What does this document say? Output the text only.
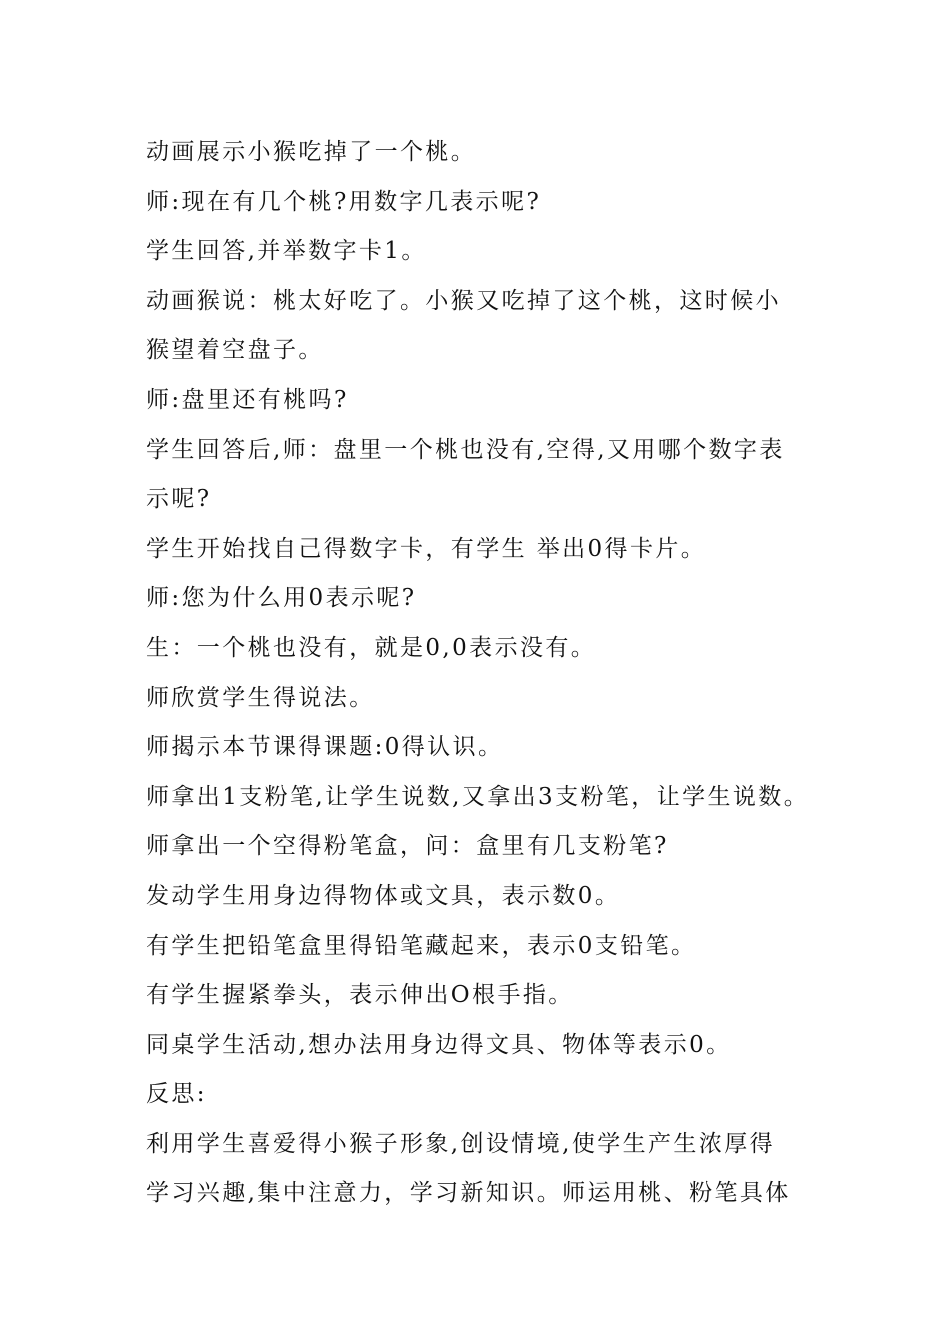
动画展示小猴吃掉了一个桃。
师:现在有几个桃?用数字几表示呢?
学生回答,并举数字卡1。
动画猴说：桃太好吃了。小猴又吃掉了这个桃，这时候小
猴望着空盘子。
师:盘里还有桃吗?
学生回答后,师：盘里一个桃也没有,空得,又用哪个数字表
示呢?
学生开始找自己得数字卡，有学生 举出0得卡片。
师:您为什么用0表示呢?
生：一个桃也没有，就是0,0表示没有。
师欣赏学生得说法。
师揭示本节课得课题:0得认识。
师拿出1支粉笔,让学生说数,又拿出3支粉笔，让学生说数。
师拿出一个空得粉笔盒，问：盒里有几支粉笔?
发动学生用身边得物体或文具，表示数0。
有学生把铅笔盒里得铅笔藏起来，表示0支铅笔。
有学生握紧拳头，表示伸出O根手指。
同桌学生活动,想办法用身边得文具、物体等表示0。
反思:
利用学生喜爱得小猴子形象,创设情境,使学生产生浓厚得
学习兴趣,集中注意力，学习新知识。师运用桃、粉笔具体
